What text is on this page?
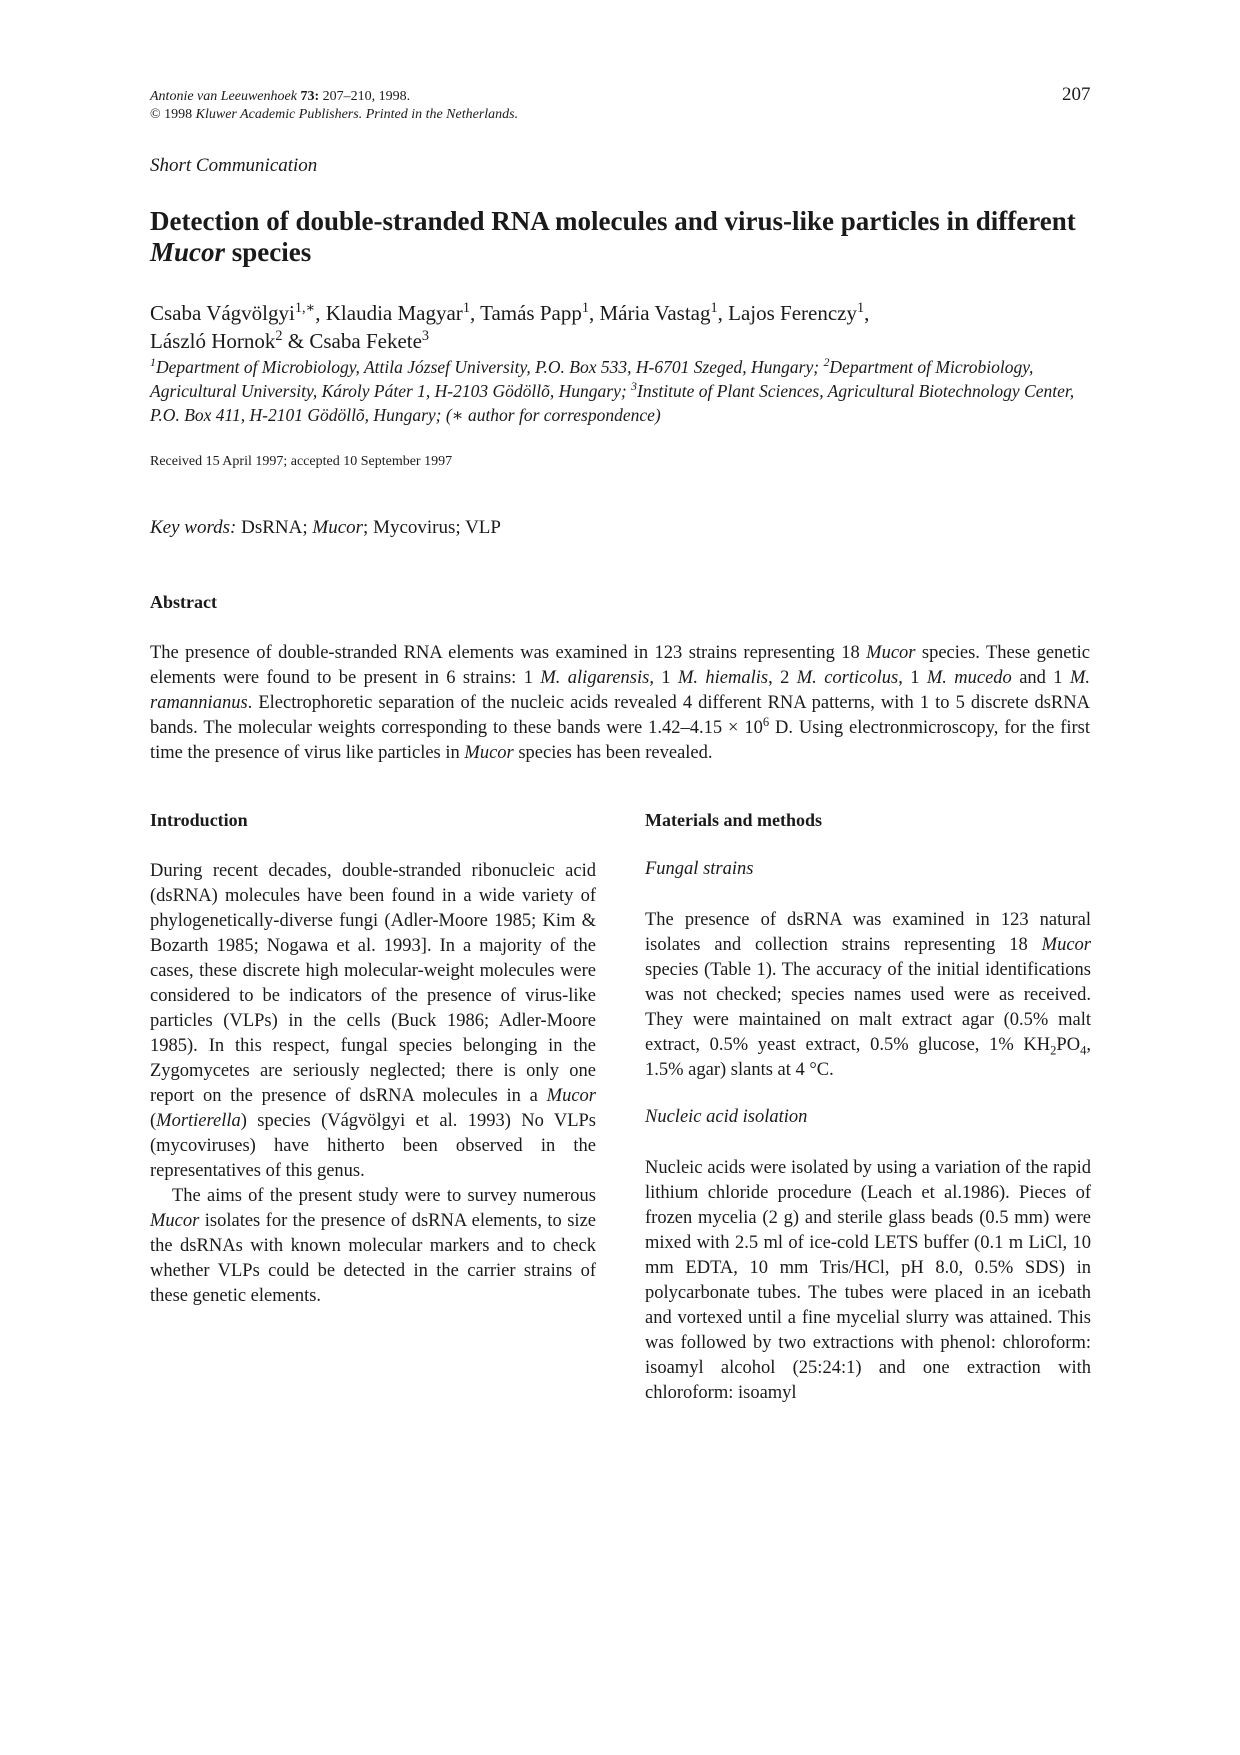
Antonie van Leeuwenhoek 73: 207–210, 1998.
© 1998 Kluwer Academic Publishers. Printed in the Netherlands.
207
Short Communication
Detection of double-stranded RNA molecules and virus-like particles in different Mucor species
Csaba Vágvölgyi$^{1,∗}$, Klaudia Magyar$^1$, Tamás Papp$^1$, Mária Vastag$^1$, Lajos Ferenczy$^1$,
László Hornok$^2$ & Csaba Fekete$^3$
$^1$Department of Microbiology, Attila József University, P.O. Box 533, H-6701 Szeged, Hungary; $^2$Department of Microbiology, Agricultural University, Károly Páter 1, H-2103 Gödöllõ, Hungary; $^3$Institute of Plant Sciences, Agricultural Biotechnology Center, P.O. Box 411, H-2101 Gödöllõ, Hungary; (∗ author for correspondence)
Received 15 April 1997; accepted 10 September 1997
Key words: DsRNA; Mucor; Mycovirus; VLP
Abstract
The presence of double-stranded RNA elements was examined in 123 strains representing 18 Mucor species. These genetic elements were found to be present in 6 strains: 1 M. aligarensis, 1 M. hiemalis, 2 M. corticolus, 1 M. mucedo and 1 M. ramannianus. Electrophoretic separation of the nucleic acids revealed 4 different RNA patterns, with 1 to 5 discrete dsRNA bands. The molecular weights corresponding to these bands were $1.42-4.15 \times 10^6$ D. Using electronmicroscopy, for the first time the presence of virus like particles in Mucor species has been revealed.
Introduction

During recent decades, double-stranded ribonucleic acid (dsRNA) molecules have been found in a wide variety of phylogenetically-diverse fungi (Adler-Moore 1985; Kim & Bozarth 1985; Nogawa et al. 1993]. In a majority of the cases, these discrete high molecular-weight molecules were considered to be indicators of the presence of virus-like particles (VLPs) in the cells (Buck 1986; Adler-Moore 1985). In this respect, fungal species belonging in the Zygomycetes are seriously neglected; there is only one report on the presence of dsRNA molecules in a Mucor (Mortierella) species (Vágvölgyi et al. 1993) No VLPs (mycoviruses) have hitherto been observed in the representatives of this genus.

The aims of the present study were to survey numerous Mucor isolates for the presence of dsRNA elements, to size the dsRNAs with known molecular markers and to check whether VLPs could be detected in the carrier strains of these genetic elements.

Materials and methods
Fungal strains

The presence of dsRNA was examined in 123 natural isolates and collection strains representing 18 Mucor species (Table 1). The accuracy of the initial identifications was not checked; species names used were as received. They were maintained on malt extract agar (0.5% malt extract, 0.5% yeast extract, 0.5% glucose, 1% $KH_2PO_4$, 1.5% agar) slants at 4 °C.

Nucleic acid isolation

Nucleic acids were isolated by using a variation of the rapid lithium chloride procedure (Leach et al.1986). Pieces of frozen mycelia (2 g) and sterile glass beads (0.5 mm) were mixed with 2.5 ml of ice-cold LETS buffer (0.1 m LiCl, 10 mm EDTA, 10 mm Tris/HCl, pH 8.0, 0.5% SDS) in polycarbonate tubes. The tubes were placed in an icebath and vortexed until a fine mycelial slurry was attained. This was followed by two extractions with phenol: chloroform: isoamyl alcohol (25:24:1) and one extraction with chloroform: isoamyl
